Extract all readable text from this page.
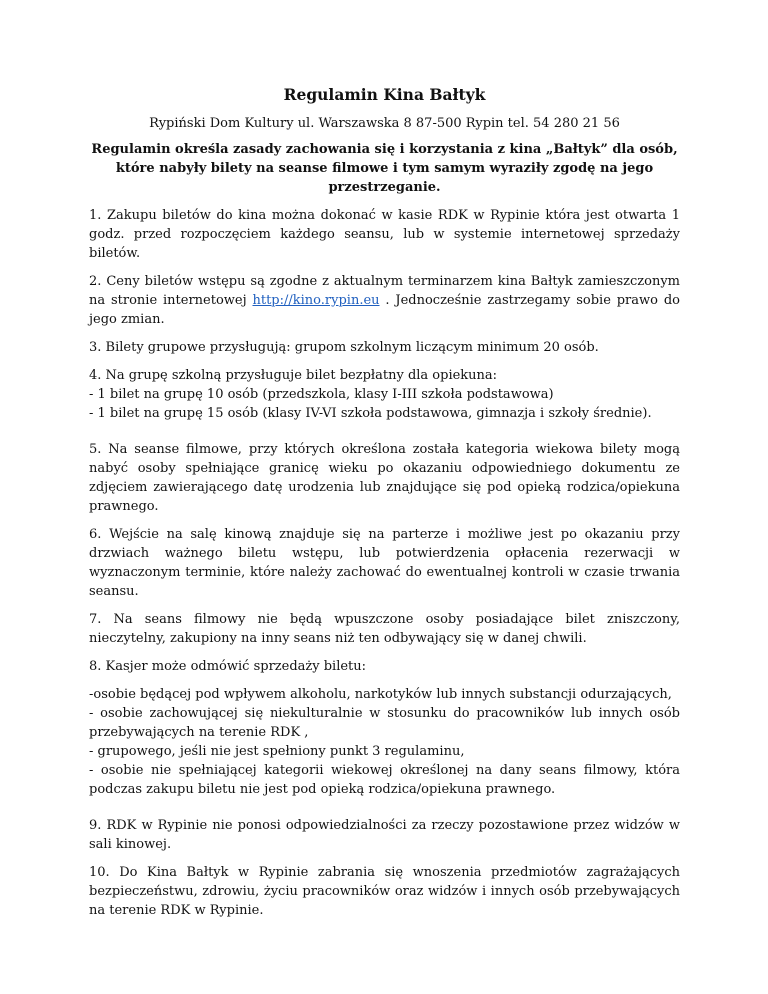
Regulamin Kina Bałtyk
Rypiński Dom Kultury ul. Warszawska 8 87-500 Rypin tel. 54 280 21 56
Regulamin określa zasady zachowania się i korzystania z kina „Bałtyk” dla osób, które nabyły bilety na seanse filmowe i tym samym wyraziły zgodę na jego przestrzeganie.

1. Zakupu biletów do kina można dokonać w kasie RDK w Rypinie która jest otwarta 1 godz. przed rozpoczęciem każdego seansu, lub w systemie internetowej sprzedaży biletów.

2. Ceny biletów wstępu są zgodne z aktualnym terminarzem kina Bałtyk zamieszczonym na stronie internetowej http://kino.rypin.eu . Jednocześnie zastrzegamy sobie prawo do jego zmian.

3. Bilety grupowe przysługują: grupom szkolnym liczącym minimum 20 osób.

4. Na grupę szkolną przysługuje bilet bezpłatny dla opiekuna:
- 1 bilet na grupę 10 osób (przedszkola, klasy I-III szkoła podstawowa)
- 1 bilet na grupę 15 osób (klasy IV-VI szkoła podstawowa, gimnazja i szkoły średnie).

5. Na seanse filmowe, przy których określona została kategoria wiekowa bilety mogą nabyć osoby spełniające granicę wieku po okazaniu odpowiedniego dokumentu ze zdjęciem zawierającego datę urodzenia lub znajdujące się pod opieką rodzica/opiekuna prawnego.

6. Wejście na salę kinową znajduje się na parterze i możliwe jest po okazaniu przy drzwiach ważnego biletu wstępu, lub potwierdzenia opłacenia rezerwacji w wyznaczonym terminie, które należy zachować do ewentualnej kontroli w czasie trwania seansu.

7. Na seans filmowy nie będą wpuszczone osoby posiadające bilet zniszczony, nieczytelny, zakupiony na inny seans niż ten odbywający się w danej chwili.

8. Kasjer może odmówić sprzedaży biletu:

-osobie będącej pod wpływem alkoholu, narkotyków lub innych substancji odurzających,
- osobie zachowującej się niekulturalnie w stosunku do pracowników lub innych osób przebywających na terenie RDK ,
- grupowego, jeśli nie jest spełniony punkt 3 regulaminu,
- osobie nie spełniającej kategorii wiekowej określonej na dany seans filmowy, która podczas zakupu biletu nie jest pod opieką rodzica/opiekuna prawnego.

9. RDK w Rypinie nie ponosi odpowiedzialności za rzeczy pozostawione przez widzów w sali kinowej.

10. Do Kina Bałtyk w Rypinie zabrania się wnoszenia przedmiotów zagrażających bezpieczeństwu, zdrowiu, życiu pracowników oraz widzów i innych osób przebywających na terenie RDK w Rypinie.
